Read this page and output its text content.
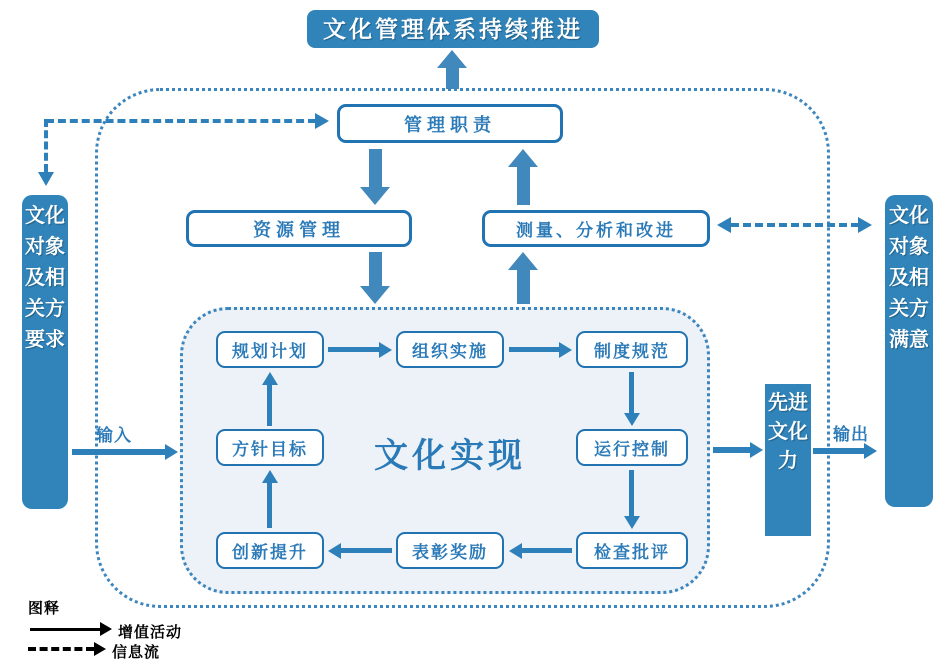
文化管理体系持续推进
管理职责
资源管理	测量、分析和改进
文化对象及相关方要求
文化对象及相关方满意
规划计划	组织实施	制度规范
方针目标	文化实现	运行控制
创新提升	表彰奖励	检查批评
输入
先进文化力
输出
图释
增值活动
信息流
